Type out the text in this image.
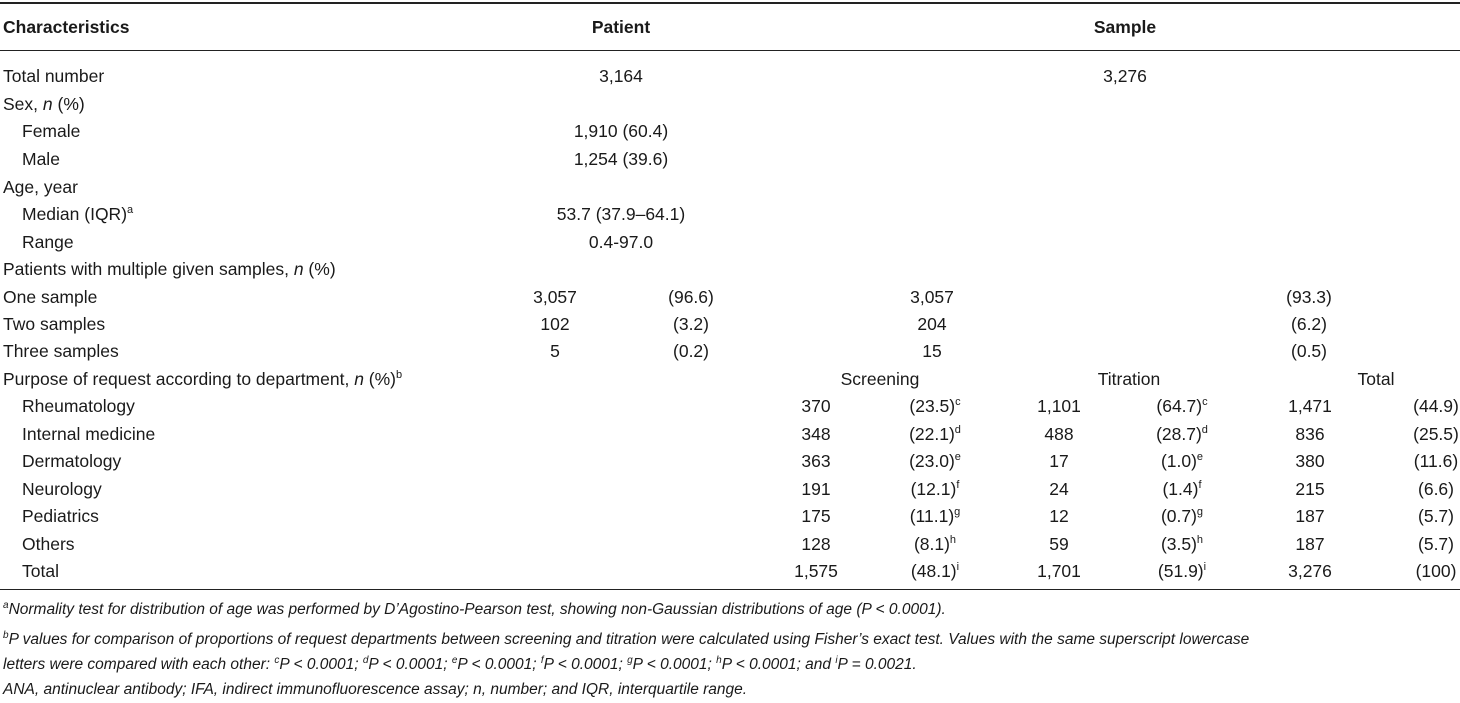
Characteristics	Patient	Sample
Total number	3,164	3,276
Sex, n (%)
Female	1,910 (60.4)
Male	1,254 (39.6)
Age, year
Median (IQR)$^a$	53.7 (37.9–64.1)
Range	0.4-97.0
Patients with multiple given samples, n (%)
One sample	3,057	(96.6)	3,057	(93.3)
Two samples	102	(3.2)	204	(6.2)
Three samples	5	(0.2)	15	(0.5)
Purpose of request according to department, n (%)$^b$	Screening	Titration	Total
Rheumatology	370	$(23.5)^c$	1,101	$(64.7)^c$	1,471	(44.9)
Internal medicine	348	$(22.1)^d$	488	$(28.7)^d$	836	(25.5)
Dermatology	363	$(23.0)^e$	17	$(1.0)^e$	380	(11.6)
Neurology	191	$(12.1)^f$	24	$(1.4)^f$	215	(6.6)
Pediatrics	175	$(11.1)^g$	12	$(0.7)^g$	187	(5.7)
Others	128	$(8.1)^h$	59	$(3.5)^h$	187	(5.7)
Total	1,575	$(48.1)^i$	1,701	$(51.9)^i$	3,276	(100)
$^a$Normality test for distribution of age was performed by D’Agostino-Pearson test, showing non-Gaussian distributions of age (P < 0.0001).
$^b$P values for comparison of proportions of request departments between screening and titration were calculated using Fisher’s exact test. Values with the same superscript lowercase
letters were compared with each other: $^c$P < 0.0001; $^d$P < 0.0001; $^e$P < 0.0001; $^f$P < 0.0001; $^g$P < 0.0001; $^h$P < 0.0001; and $^i$P = 0.0021.
ANA, antinuclear antibody; IFA, indirect immunofluorescence assay; n, number; and IQR, interquartile range.
